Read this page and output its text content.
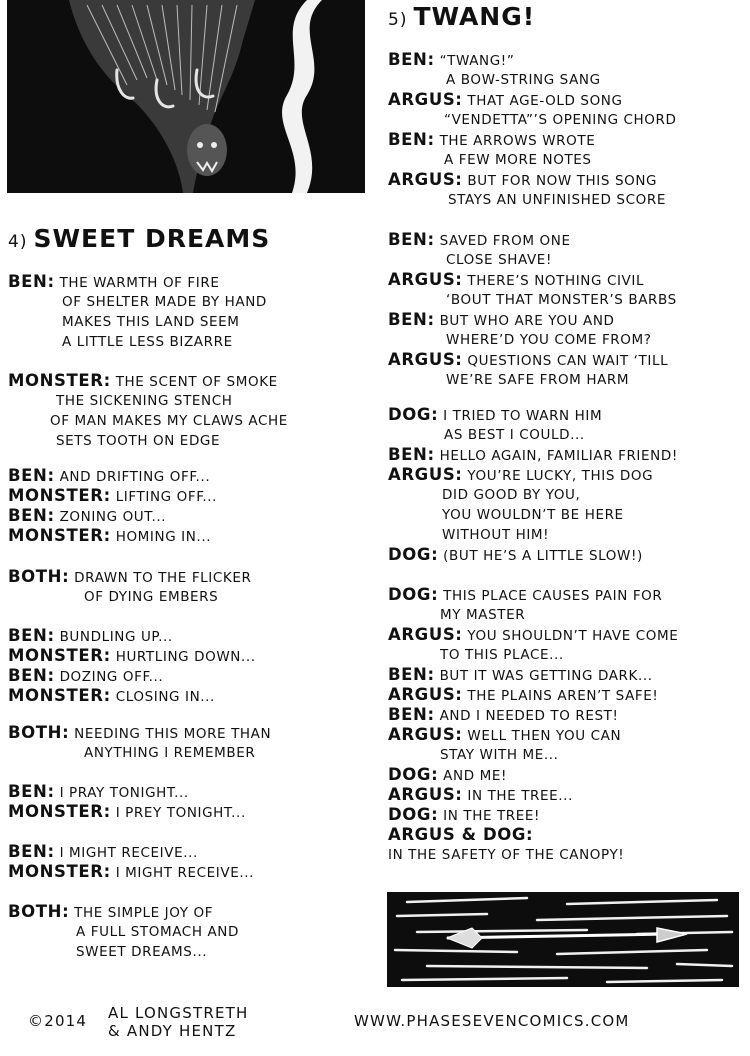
4) SWEET DREAMS
BEN: THE WARMTH OF FIRE
OF SHELTER MADE BY HAND
MAKES THIS LAND SEEM
A LITTLE LESS BIZARRE
MONSTER: THE SCENT OF SMOKE
THE SICKENING STENCH
OF MAN MAKES MY CLAWS ACHE
SETS TOOTH ON EDGE
BEN: AND DRIFTING OFF...
MONSTER: LIFTING OFF...
BEN: ZONING OUT...
MONSTER: HOMING IN...
BOTH: DRAWN TO THE FLICKER
OF DYING EMBERS
BEN: BUNDLING UP...
MONSTER: HURTLING DOWN...
BEN: DOZING OFF...
MONSTER: CLOSING IN...
BOTH: NEEDING THIS MORE THAN
ANYTHING I REMEMBER
BEN: I PRAY TONIGHT...
MONSTER: I PREY TONIGHT...
BEN: I MIGHT RECEIVE...
MONSTER: I MIGHT RECEIVE...
BOTH: THE SIMPLE JOY OF
A FULL STOMACH AND
SWEET DREAMS...
5) TWANG!
BEN: “TWANG!”
A BOW-STRING SANG
ARGUS: THAT AGE-OLD SONG
“VENDETTA”’S OPENING CHORD
BEN: THE ARROWS WROTE
A FEW MORE NOTES
ARGUS: BUT FOR NOW THIS SONG
STAYS AN UNFINISHED SCORE
BEN: SAVED FROM ONE
CLOSE SHAVE!
ARGUS: THERE’S NOTHING CIVIL
‘BOUT THAT MONSTER’S BARBS
BEN: BUT WHO ARE YOU AND
WHERE’D YOU COME FROM?
ARGUS: QUESTIONS CAN WAIT ‘TILL
WE’RE SAFE FROM HARM
DOG: I TRIED TO WARN HIM
AS BEST I COULD...
BEN: HELLO AGAIN, FAMILIAR FRIEND!
ARGUS: YOU’RE LUCKY, THIS DOG
DID GOOD BY YOU,
YOU WOULDN’T BE HERE
WITHOUT HIM!
DOG: (BUT HE’S A LITTLE SLOW!)
DOG: THIS PLACE CAUSES PAIN FOR
MY MASTER
ARGUS: YOU SHOULDN’T HAVE COME
TO THIS PLACE...
BEN: BUT IT WAS GETTING DARK...
ARGUS: THE PLAINS AREN’T SAFE!
BEN: AND I NEEDED TO REST!
ARGUS: WELL THEN YOU CAN
STAY WITH ME...
DOG: AND ME!
ARGUS: IN THE TREE...
DOG: IN THE TREE!
ARGUS & DOG:
IN THE SAFETY OF THE CANOPY!
©2014 AL LONGSTRETH
& ANDY HENTZ
WWW.PHASESEVENCOMICS.COM
